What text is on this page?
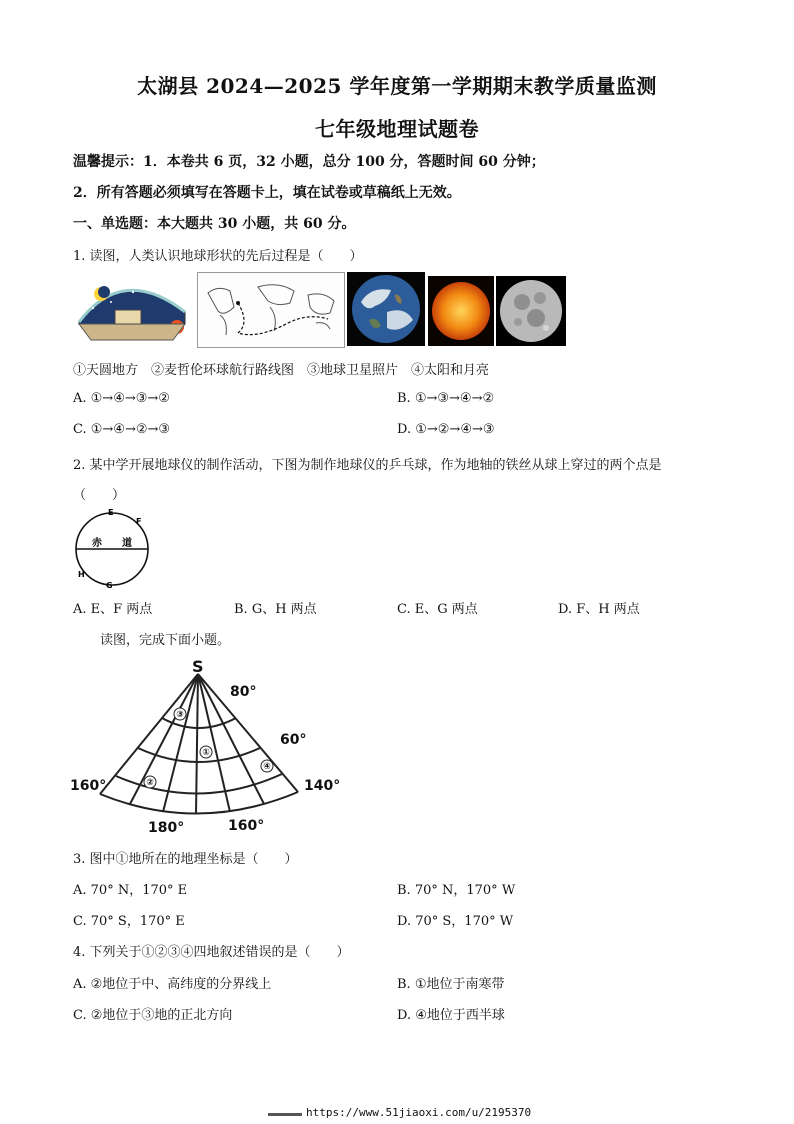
太湖县 2024—2025 学年度第一学期期末教学质量监测
七年级地理试题卷
温馨提示：1．本卷共 6 页，32 小题，总分 100 分，答题时间 60 分钟；
2．所有答题必须填写在答题卡上，填在试卷或草稿纸上无效。
一、单选题：本大题共 30 小题，共 60 分。
1. 读图，人类认识地球形状的先后过程是（　　）
①天圆地方　②麦哲伦环球航行路线图　③地球卫星照片　④太阳和月亮
A. ①→④→③→②	B. ①→③→④→②
C. ①→④→②→③	D. ①→②→④→③
2. 某中学开展地球仪的制作活动，下图为制作地球仪的乒乓球，作为地轴的铁丝从球上穿过的两个点是
（　　）
E
F
H
G
赤 道
A. E、F 两点	B. G、H 两点	C. E、G 两点	D. F、H 两点
读图，完成下面小题。
③
①
②
④
S
80°
60°
160°	140°
180°	160°
3. 图中①地所在的地理坐标是（　　）
A. 70° N，170° E	B. 70° N，170° W
C. 70° S，170° E	D. 70° S，170° W
4. 下列关于①②③④四地叙述错误的是（　　）
A. ②地位于中、高纬度的分界线上	B. ①地位于南寒带
C. ②地位于③地的正北方向	D. ④地位于西半球
https://www.51jiaoxi.com/u/2195370
